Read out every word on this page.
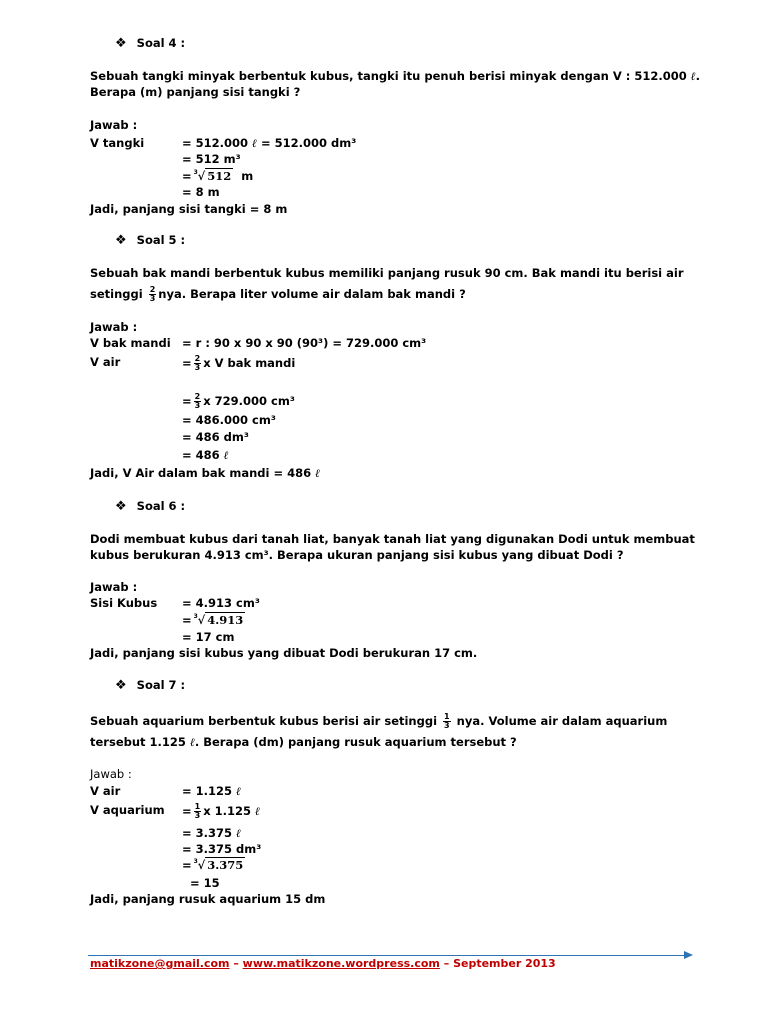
❖ Soal 4 :
Sebuah tangki minyak berbentuk kubus, tangki itu penuh berisi minyak dengan V : 512.000 ℓ.
Berapa (m) panjang sisi tangki ?
Jawab :
V tangki	= 512.000 ℓ = 512.000 dm³
= 512 m³
= 3 √ 512 m
= 8 m
Jadi, panjang sisi tangki = 8 m
❖ Soal 5 :
Sebuah bak mandi berbentuk kubus memiliki panjang rusuk 90 cm. Bak mandi itu berisi air
setinggi $\frac{2}{3}$ nya. Berapa liter volume air dalam bak mandi ?
Jawab :
V bak mandi = r : 90 x 90 x 90 (90³) = 729.000 cm³
V air	= $\frac{2}{3}$ x V bak mandi
= $\frac{2}{3}$ x 729.000 cm³
= 486.000 cm³
= 486 dm³
= 486 ℓ
Jadi, V Air dalam bak mandi = 486 ℓ
❖ Soal 6 :
Dodi membuat kubus dari tanah liat, banyak tanah liat yang digunakan Dodi untuk membuat
kubus berukuran 4.913 cm³. Berapa ukuran panjang sisi kubus yang dibuat Dodi ?
Jawab :
Sisi Kubus = 4.913 cm³
= 3 √ 4.913
= 17 cm
Jadi, panjang sisi kubus yang dibuat Dodi berukuran 17 cm.
❖ Soal 7 :
Sebuah aquarium berbentuk kubus berisi air setinggi $\frac{1}{3}$ nya. Volume air dalam aquarium
tersebut 1.125 ℓ. Berapa (dm) panjang rusuk aquarium tersebut ?
Jawab :
V air	= 1.125 ℓ
V aquarium = $\frac{1}{3}$ x 1.125 ℓ
= 3.375 ℓ
= 3.375 dm³
= 3 √ 3.375
= 15
Jadi, panjang rusuk aquarium 15 dm
matikzone@gmail.com – www.matikzone.wordpress.com – September 2013
